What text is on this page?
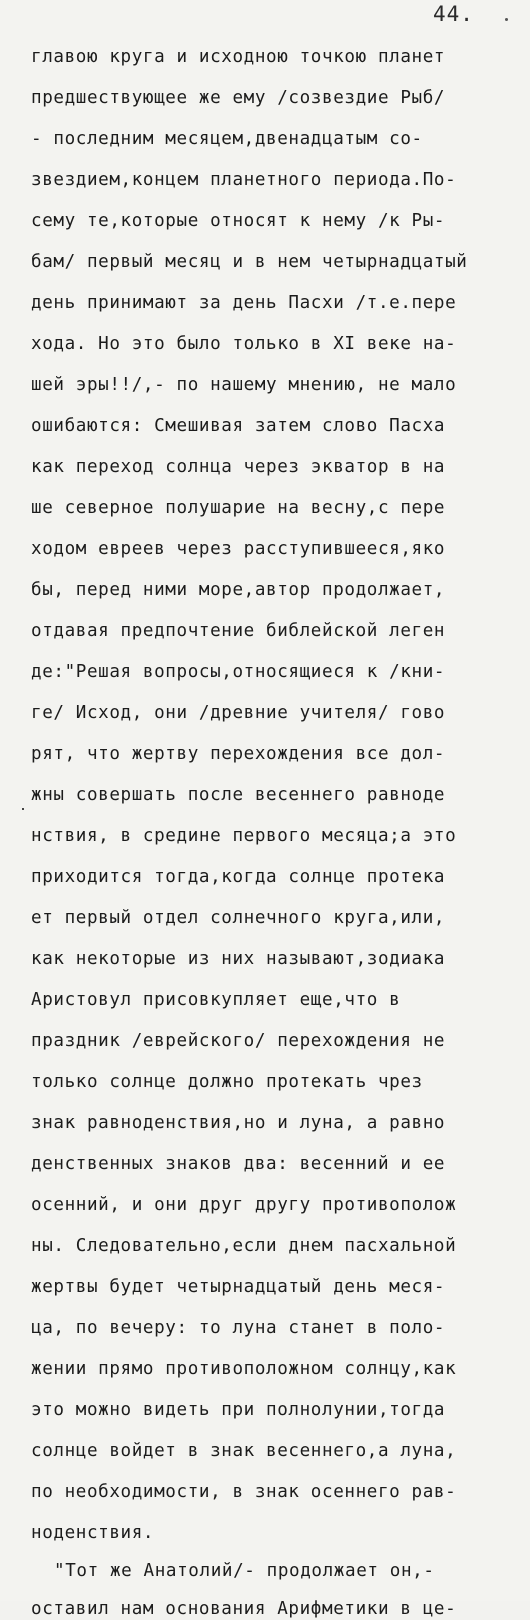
44.
главою круга и исходною точкою планет
предшествующее же ему /созвездие Рыб/
- последним месяцем,двенадцатым со-
звездием,концем планетного периода.По-
сему те,которые относят к нему /к Ры-
бам/ первый месяц и в нем четырнадцатый
день принимают за день Пасхи /т.е.пере
хода. Но это было только в XI веке на-
шей эры!!/,- по нашему мнению, не мало
ошибаются: Смешивая затем слово Пасха
как переход солнца через экватор в на
ше северное полушарие на весну,с пере
ходом евреев через расступившееся,яко
бы, перед ними море,автор продолжает,
отдавая предпочтение библейской леген
де:"Решая вопросы,относящиеся к /кни-
ге/ Исход, они /древние учителя/ гово
рят, что жертву перехождения все дол-
жны совершать после весеннего равноде
нствия, в средине первого месяца;а это
приходится тогда,когда солнце протека
ет первый отдел солнечного круга,или,
как некоторые из них называют,зодиака
Аристовул присовкупляет еще,что в
праздник /еврейского/ перехождения не
только солнце должно протекать чрез
знак равноденствия,но и луна, а равно
денственных знаков два: весенний и ее
осенний, и они друг другу противополож
ны. Следовательно,если днем пасхальной
жертвы будет четырнадцатый день меся-
ца, по вечеру: то луна станет в поло-
жении прямо противоположном солнцу,как
это можно видеть при полнолунии,тогда
солнце войдет в знак весеннего,а луна,
по необходимости, в знак осеннего рав-
ноденствия.
"Тот же Анатолий/- продолжает он,-
оставил нам основания Арифметики в це-
